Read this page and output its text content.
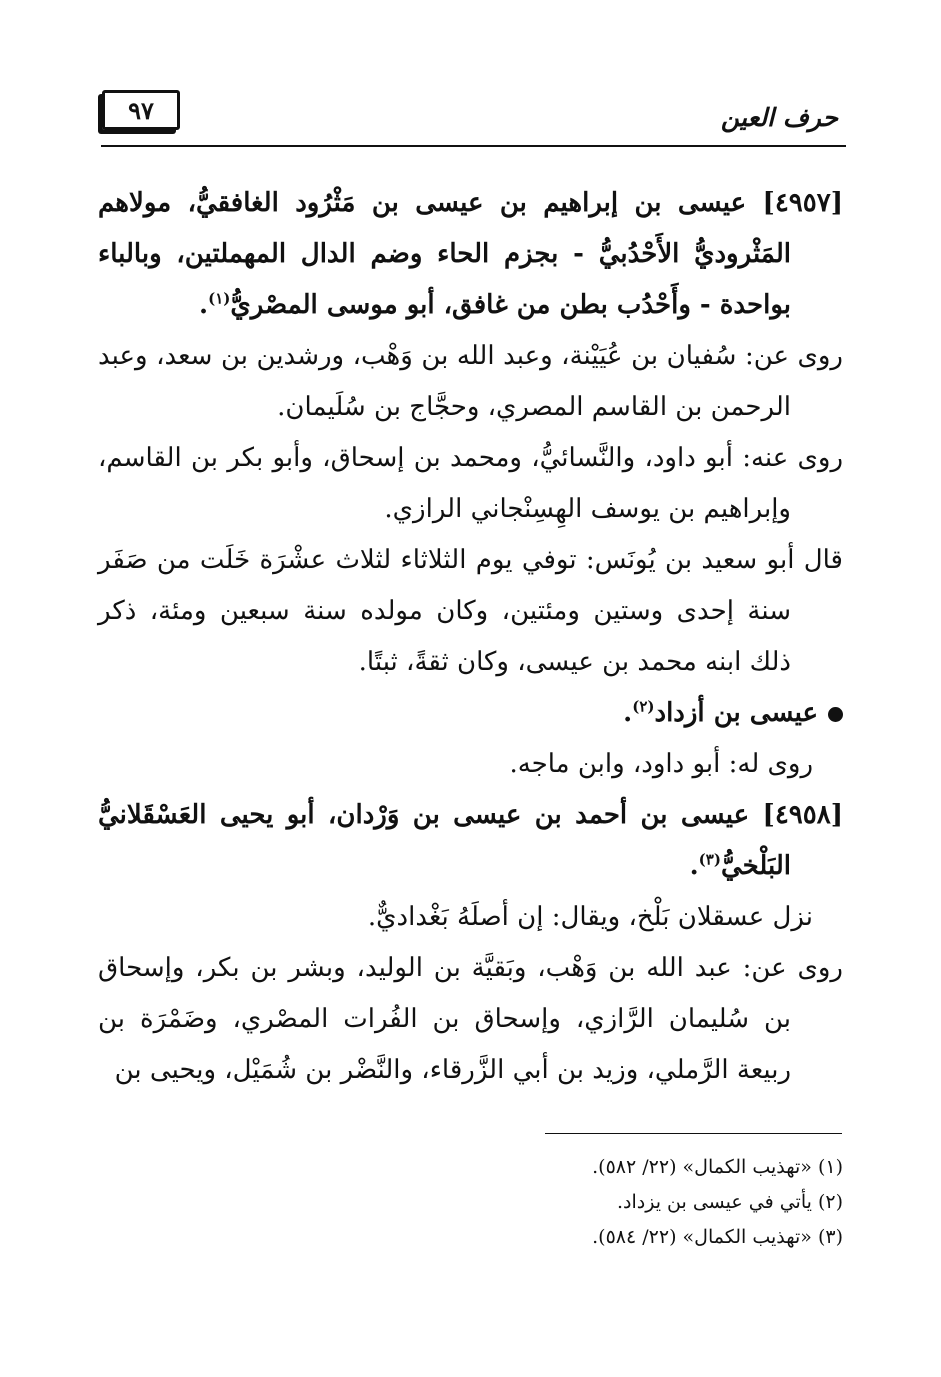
٩٧	حرف العين

[٤٩٥٧] عيسى بن إبراهيم بن عيسى بن مَثْرُود الغافقيُّ، مولاهم المَثْروديُّ الأَحْدُبيُّ - بجزم الحاء وضم الدال المهملتين، وبالباء بواحدة - وأَحْدُب بطن من غافق، أبو موسى المصْريُّ$^{(١)}$.

روى عن: سُفيان بن عُيَيْنة، وعبد الله بن وَهْب، ورشدين بن سعد، وعبد الرحمن بن القاسم المصري، وحجَّاج بن سُلَيمان.

روى عنه: أبو داود، والنَّسائيُّ، ومحمد بن إسحاق، وأبو بكر بن القاسم، وإبراهيم بن يوسف الهِسِنْجاني الرازي.

قال أبو سعيد بن يُونَس: توفي يوم الثلاثاء لثلاث عشْرَة خَلَت من صَفَر سنة إحدى وستين ومئتين، وكان مولده سنة سبعين ومئة، ذكر ذلك ابنه محمد بن عيسى، وكان ثقةً، ثبتًا.

عيسى بن أزداد$^{(٢)}$.

روى له: أبو داود، وابن ماجه.

[٤٩٥٨] عيسى بن أحمد بن عيسى بن وَرْدان، أبو يحيى العَسْقَلانيُّ البَلْخيُّ$^{(٣)}$.

نزل عسقلان بَلْخ، ويقال: إن أصلَهُ بَغْداديٌّ.

روى عن: عبد الله بن وَهْب، وبَقيَّة بن الوليد، وبشر بن بكر، وإسحاق بن سُليمان الرَّازي، وإسحاق بن الفُرات المصْري، وضَمْرَة بن ربيعة الرَّملي، وزيد بن أبي الزَّرقاء، والنَّضْر بن شُمَيْل، ويحيى بن

(١) «تهذيب الكمال» (٢٢/ ٥٨٢).

(٢) يأتي في عيسى بن يزداد.

(٣) «تهذيب الكمال» (٢٢/ ٥٨٤).
